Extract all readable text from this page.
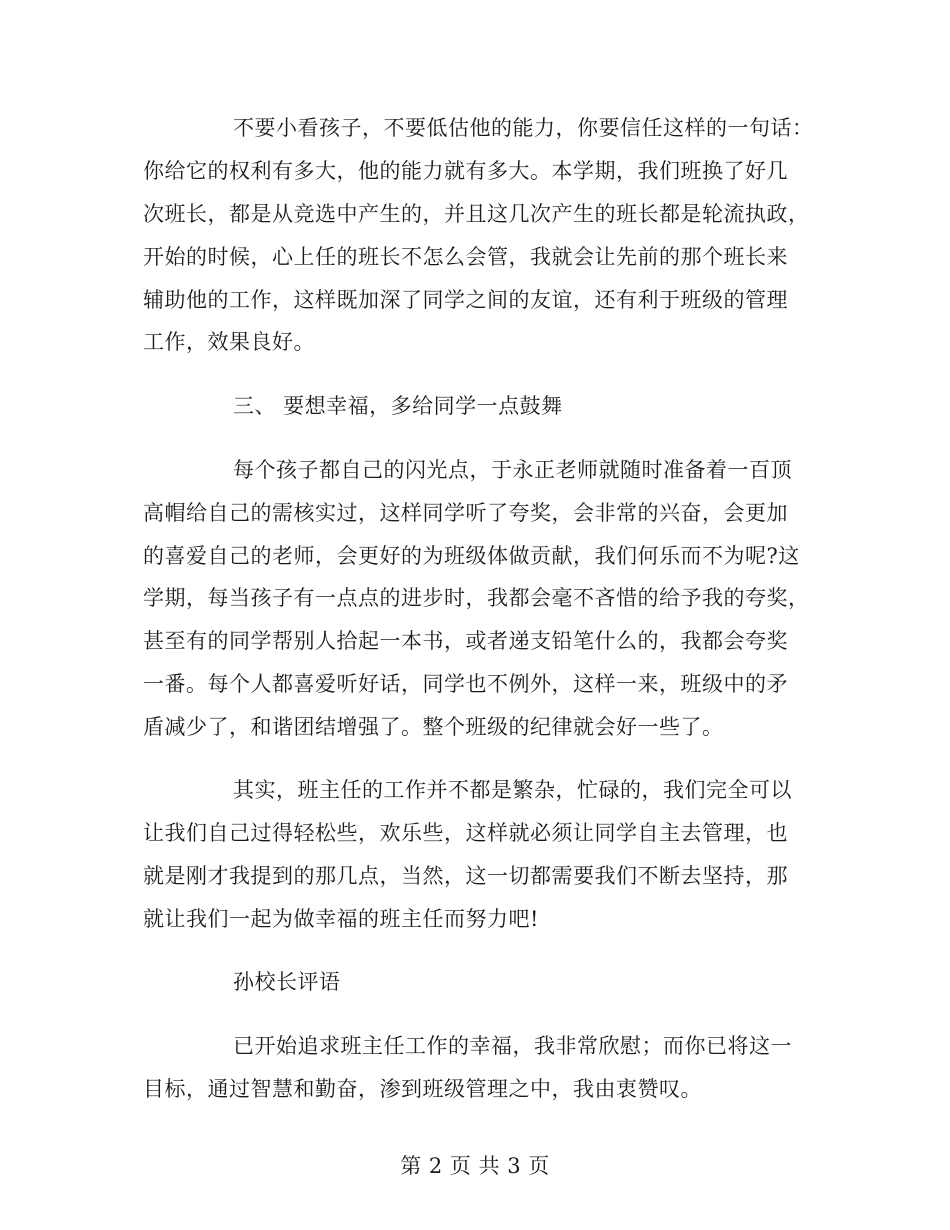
不要小看孩子，不要低估他的能力，你要信任这样的一句话：
你给它的权利有多大，他的能力就有多大。本学期，我们班换了好几
次班长，都是从竞选中产生的，并且这几次产生的班长都是轮流执政，
开始的时候，心上任的班长不怎么会管，我就会让先前的那个班长来
辅助他的工作，这样既加深了同学之间的友谊，还有利于班级的管理
工作，效果良好。
三、 要想幸福，多给同学一点鼓舞
每个孩子都自己的闪光点，于永正老师就随时准备着一百顶
高帽给自己的需核实过，这样同学听了夸奖，会非常的兴奋，会更加
的喜爱自己的老师，会更好的为班级体做贡献，我们何乐而不为呢?这
学期，每当孩子有一点点的进步时，我都会毫不吝惜的给予我的夸奖，
甚至有的同学帮别人拾起一本书，或者递支铅笔什么的，我都会夸奖
一番。每个人都喜爱听好话，同学也不例外，这样一来，班级中的矛
盾减少了，和谐团结增强了。整个班级的纪律就会好一些了。
其实，班主任的工作并不都是繁杂，忙碌的，我们完全可以
让我们自己过得轻松些，欢乐些，这样就必须让同学自主去管理，也
就是刚才我提到的那几点，当然，这一切都需要我们不断去坚持，那
就让我们一起为做幸福的班主任而努力吧!
孙校长评语
已开始追求班主任工作的幸福，我非常欣慰；而你已将这一
目标，通过智慧和勤奋，渗到班级管理之中，我由衷赞叹。
第 2 页 共 3 页
